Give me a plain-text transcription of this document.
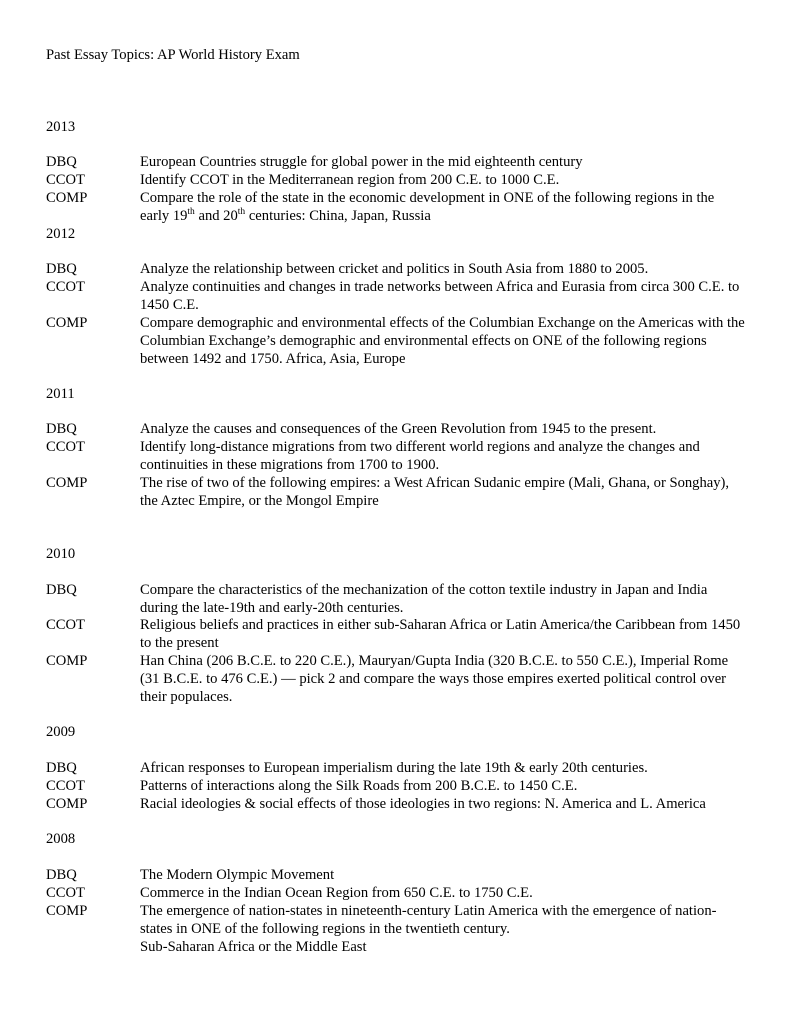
Past Essay Topics: AP World History Exam
2013
DBQ	European Countries struggle for global power in the mid eighteenth century
CCOT	Identify CCOT in the Mediterranean region from 200 C.E. to 1000 C.E.
COMP	Compare the role of the state in the economic development in ONE of the following regions in the early 19th and 20th centuries: China, Japan, Russia
2012
DBQ	Analyze the relationship between cricket and politics in South Asia from 1880 to 2005.
CCOT	Analyze continuities and changes in trade networks between Africa and Eurasia from circa 300 C.E. to 1450 C.E.
COMP	Compare demographic and environmental effects of the Columbian Exchange on the Americas with the Columbian Exchange’s demographic and environmental effects on ONE of the following regions between 1492 and 1750. Africa, Asia, Europe
2011
DBQ	Analyze the causes and consequences of the Green Revolution from 1945 to the present.
CCOT	Identify long-distance migrations from two different world regions and analyze the changes and continuities in these migrations from 1700 to 1900.
COMP	The rise of two of the following empires: a West African Sudanic empire (Mali, Ghana, or Songhay), the Aztec Empire, or the Mongol Empire
2010
DBQ	Compare the characteristics of the mechanization of the cotton textile industry in Japan and India during the late-19th and early-20th centuries.
CCOT	Religious beliefs and practices in either sub-Saharan Africa or Latin America/the Caribbean from 1450 to the present
COMP	Han China (206 B.C.E. to 220 C.E.), Mauryan/Gupta India (320 B.C.E. to 550 C.E.), Imperial Rome (31 B.C.E. to 476 C.E.) — pick 2 and compare the ways those empires exerted political control over their populaces.
2009
DBQ	African responses to European imperialism during the late 19th & early 20th centuries.
CCOT	Patterns of interactions along the Silk Roads from 200 B.C.E. to 1450 C.E.
COMP	Racial ideologies & social effects of those ideologies in two regions: N. America and L. America
2008
DBQ	The Modern Olympic Movement
CCOT	Commerce in the Indian Ocean Region from 650 C.E. to 1750 C.E.
COMP	The emergence of nation-states in nineteenth-century Latin America with the emergence of nation-states in ONE of the following regions in the twentieth century.
Sub-Saharan Africa or the Middle East
